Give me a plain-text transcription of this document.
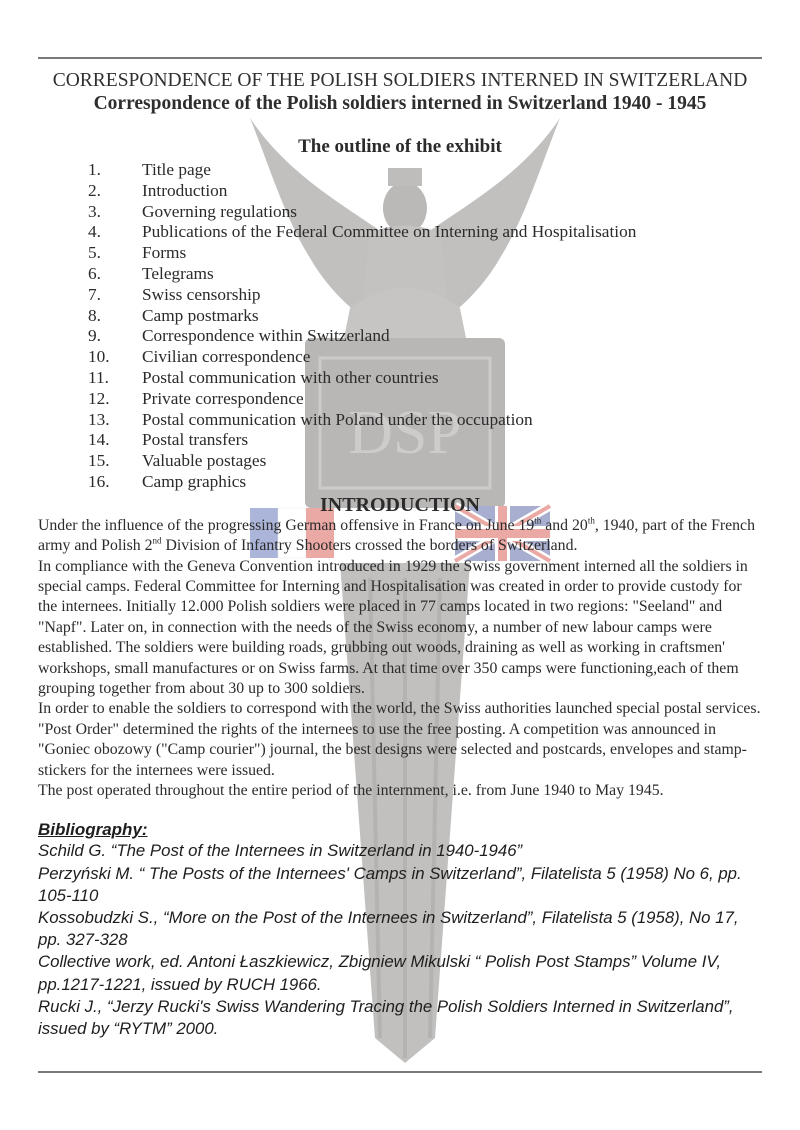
DSP

CORRESPONDENCE OF THE POLISH SOLDIERS INTERNED IN SWITZERLAND

Correspondence of the Polish soldiers interned in Switzerland 1940 - 1945

The outline of the exhibit

1.	Title page
2.	Introduction
3.	Governing regulations
4.	Publications of the Federal Committee on Interning and Hospitalisation
5.	Forms
6.	Telegrams
7.	Swiss censorship
8.	Camp postmarks
9.	Correspondence within Switzerland
10.	Civilian correspondence
11.	Postal communication with other countries
12.	Private correspondence
13.	Postal communication with Poland under the occupation
14.	Postal transfers
15.	Valuable postages
16.	Camp graphics

INTRODUCTION

Under the influence of the progressing German offensive in France on June 19th and 20th, 1940, part of the French army and Polish 2nd Division of Infantry Shooters crossed the borders of Switzerland.

In compliance with the Geneva Convention introduced in 1929 the Swiss government interned all the soldiers in special camps. Federal Committee for Interning and Hospitalisation was created in order to provide custody for the internees. Initially 12.000 Polish soldiers were placed in 77 camps located in two regions: "Seeland" and "Napf". Later on, in connection with the needs of the Swiss economy, a number of new labour camps were established. The soldiers were building roads, grubbing out woods, draining as well as working in craftsmen' workshops, small manufactures or on Swiss farms. At that time over 350 camps were functioning,each of them grouping together from about 30 up to 300 soldiers.

In order to enable the soldiers to correspond with the world, the Swiss authorities launched special postal services. "Post Order" determined the rights of the internees to use the free posting. A competition was announced in "Goniec obozowy ("Camp courier") journal, the best designs were selected and postcards, envelopes and stamp-stickers for the internees were issued.

The post operated throughout the entire period of the internment, i.e. from June 1940 to May 1945.

Bibliography:

Schild G. “The Post of the Internees in Switzerland in 1940-1946”

Perzyński M. “ The Posts of the Internees' Camps in Switzerland”, Filatelista 5 (1958) No 6, pp. 105-110

Kossobudzki S., “More on the Post of the Internees in Switzerland”, Filatelista 5 (1958), No 17, pp. 327-328

Collective work, ed. Antoni Łaszkiewicz, Zbigniew Mikulski “ Polish Post Stamps” Volume IV, pp.1217-1221, issued by RUCH 1966.

Rucki J., “Jerzy Rucki's Swiss Wandering Tracing the Polish Soldiers Interned in Switzerland”, issued by “RYTM” 2000.
